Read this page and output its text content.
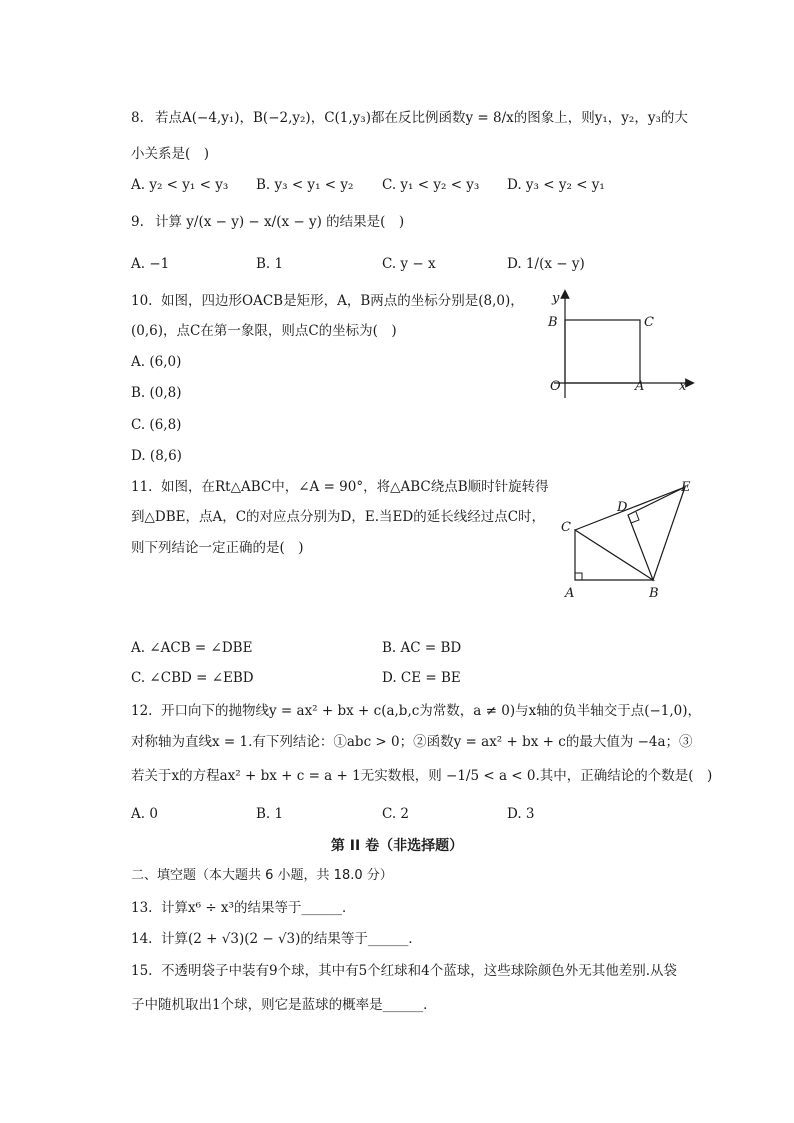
8. 若点A(−4,y₁)，B(−2,y₂)，C(1,y₃)都在反比例函数y = 8/x的图象上，则y₁，y₂，y₃的大
小关系是(　)
A. y₂ < y₁ < y₃ B. y₃ < y₁ < y₂ C. y₁ < y₂ < y₃ D. y₃ < y₂ < y₁
9. 计算 y/(x − y) − x/(x − y) 的结果是(　)
A. −1	B. 1	C. y − x	D. 1/(x − y)
10. 如图，四边形OACB是矩形，A，B两点的坐标分别是(8,0)，
(0,6)，点C在第一象限，则点C的坐标为(　)
A. (6,0)
B. (0,8)
C. (6,8)
D. (8,6)
y
B	C
O	A	x
11. 如图，在Rt△ABC中，∠A = 90°，将△ABC绕点B顺时针旋转得
到△DBE，点A，C的对应点分别为D，E.当ED的延长线经过点C时，
则下列结论一定正确的是(　)
C
D
E
A	B
A. ∠ACB = ∠DBE	B. AC = BD
C. ∠CBD = ∠EBD	D. CE = BE
12. 开口向下的抛物线y = ax² + bx + c(a,b,c为常数，a ≠ 0)与x轴的负半轴交于点(−1,0)，
对称轴为直线x = 1.有下列结论：①abc > 0；②函数y = ax² + bx + c的最大值为 −4a；③
若关于x的方程ax² + bx + c = a + 1无实数根，则 −1/5 < a < 0.其中，正确结论的个数是(　)
A. 0	B. 1	C. 2	D. 3
第 II 卷（非选择题）
二、填空题（本大题共 6 小题，共 18.0 分）
13. 计算x⁶ ÷ x³的结果等于______．
14. 计算(2 + √3)(2 − √3)的结果等于______．
15. 不透明袋子中装有9个球，其中有5个红球和4个蓝球，这些球除颜色外无其他差别.从袋
子中随机取出1个球，则它是蓝球的概率是______．
